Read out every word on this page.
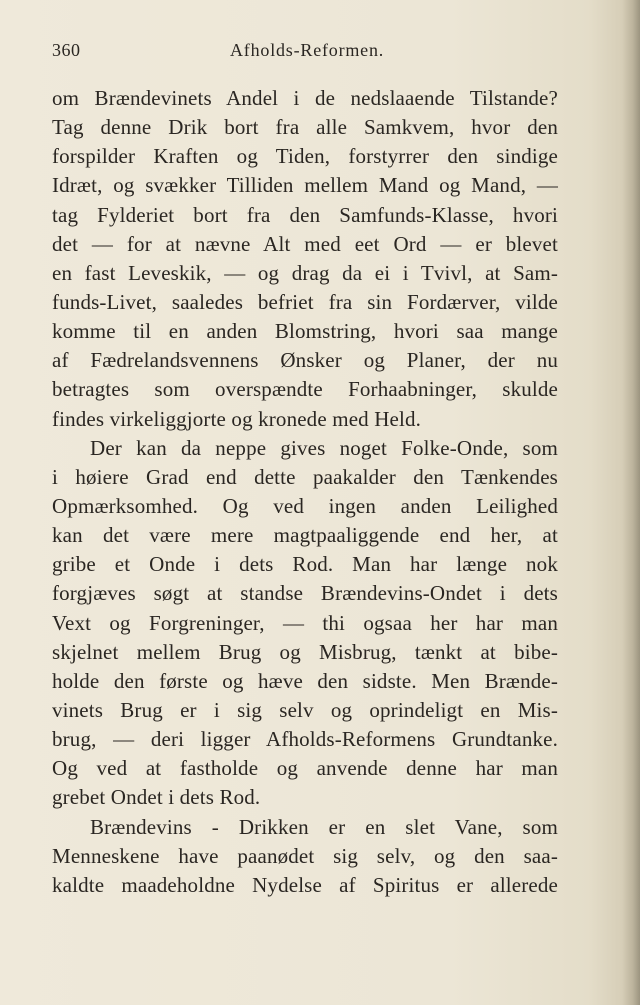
360	Afholds-Reformen.
om Brændevinets Andel i de nedslaaende Tilstande?
Tag denne Drik bort fra alle Samkvem, hvor den
forspilder Kraften og Tiden, forstyrrer den sindige
Idræt, og svækker Tilliden mellem Mand og Mand, —
tag Fylderiet bort fra den Samfunds-Klasse, hvori
det — for at nævne Alt med eet Ord — er blevet
en fast Leveskik, — og drag da ei i Tvivl, at Sam-
funds-Livet, saaledes befriet fra sin Fordærver, vilde
komme til en anden Blomstring, hvori saa mange
af Fædrelandsvennens Ønsker og Planer, der nu
betragtes som overspændte Forhaabninger, skulde
findes virkeliggjorte og kronede med Held.
Der kan da neppe gives noget Folke-Onde, som
i høiere Grad end dette paakalder den Tænkendes
Opmærksomhed. Og ved ingen anden Leilighed
kan det være mere magtpaaliggende end her, at
gribe et Onde i dets Rod. Man har længe nok
forgjæves søgt at standse Brændevins-Ondet i dets
Vext og Forgreninger, — thi ogsaa her har man
skjelnet mellem Brug og Misbrug, tænkt at bibe-
holde den første og hæve den sidste. Men Brænde-
vinets Brug er i sig selv og oprindeligt en Mis-
brug, — deri ligger Afholds-Reformens Grundtanke.
Og ved at fastholde og anvende denne har man
grebet Ondet i dets Rod.
Brændevins - Drikken er en slet Vane, som
Menneskene have paanødet sig selv, og den saa-
kaldte maadeholdne Nydelse af Spiritus er allerede
